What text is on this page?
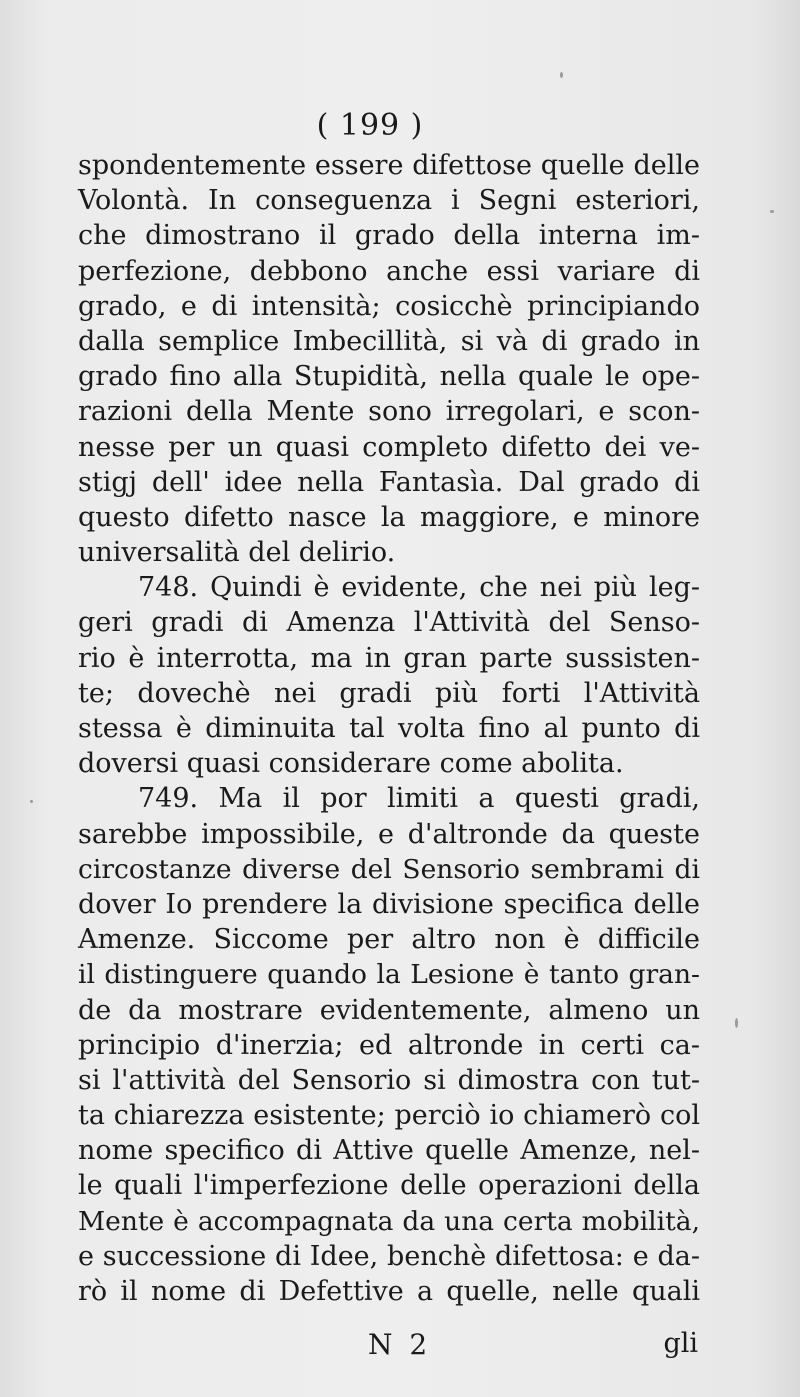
( 199 )
spondentemente essere difettose quelle delle
Volontà. In conseguenza i Segni esteriori,
che dimostrano il grado della interna im-
perfezione, debbono anche essi variare di
grado, e di intensità; cosicchè principiando
dalla semplice Imbecillità, si và di grado in
grado fino alla Stupidità, nella quale le ope-
razioni della Mente sono irregolari, e scon-
nesse per un quasi completo difetto dei ve-
stigj dell' idee nella Fantasìa. Dal grado di
questo difetto nasce la maggiore, e minore
universalità del delirio.
748. Quindi è evidente, che nei più leg-
geri gradi di Amenza l'Attività del Senso-
rio è interrotta, ma in gran parte sussisten-
te; dovechè nei gradi più forti l'Attività
stessa è diminuita tal volta fino al punto di
doversi quasi considerare come abolita.
749. Ma il por limiti a questi gradi,
sarebbe impossibile, e d'altronde da queste
circostanze diverse del Sensorio sembrami di
dover Io prendere la divisione specifica delle
Amenze. Siccome per altro non è difficile
il distinguere quando la Lesione è tanto gran-
de da mostrare evidentemente, almeno un
principio d'inerzia; ed altronde in certi ca-
si l'attività del Sensorio si dimostra con tut-
ta chiarezza esistente; perciò io chiamerò col
nome specifico di Attive quelle Amenze, nel-
le quali l'imperfezione delle operazioni della
Mente è accompagnata da una certa mobilità,
e successione di Idee, benchè difettosa: e da-
rò il nome di Defettive a quelle, nelle quali
N 2	gli
